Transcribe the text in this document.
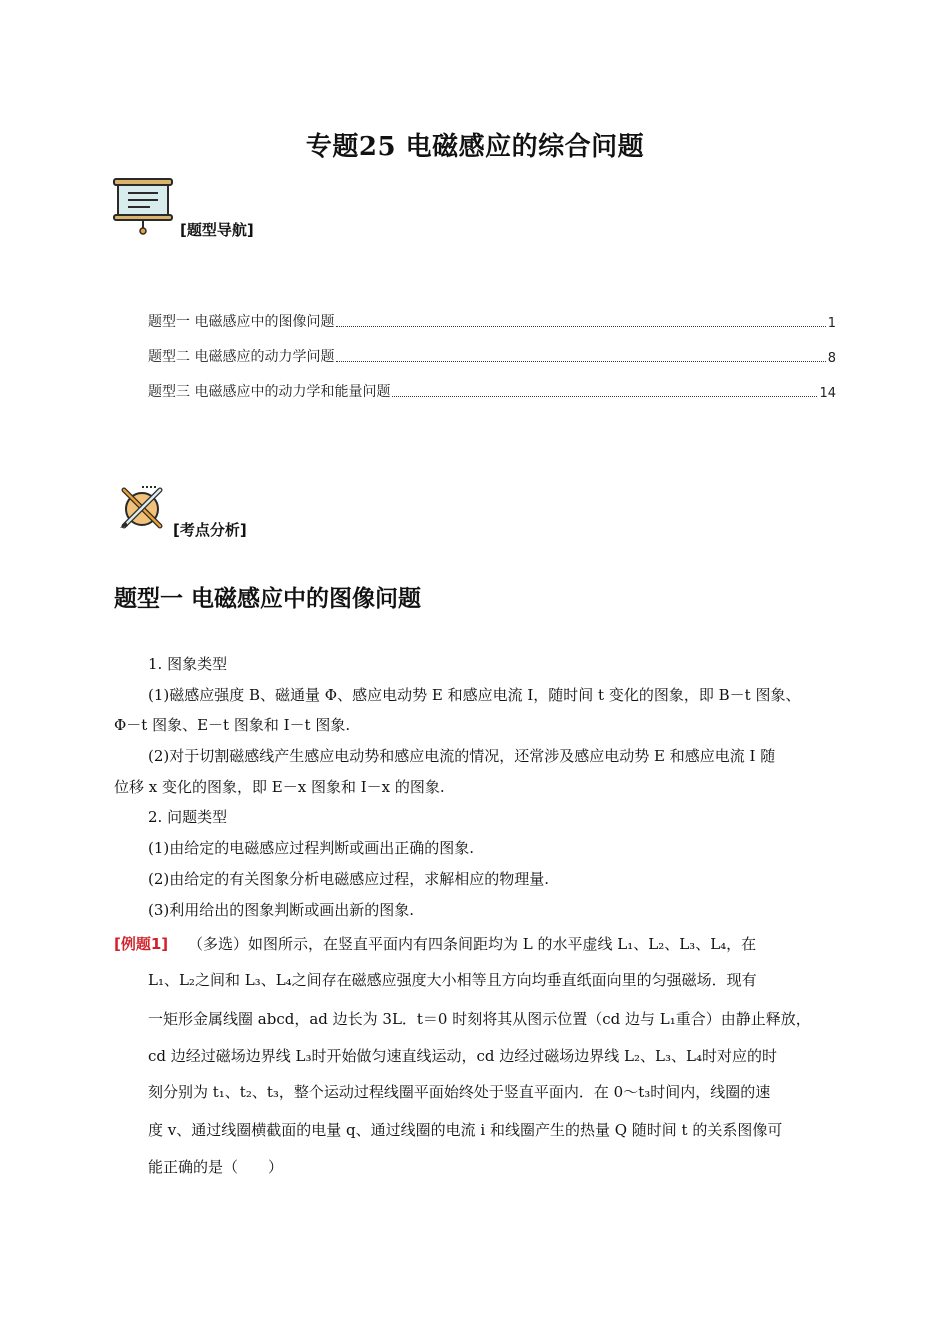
专题25 电磁感应的综合问题
[题型导航]
题型一 电磁感应中的图像问题	1
题型二 电磁感应的动力学问题	8
题型三 电磁感应中的动力学和能量问题	14
[考点分析]
题型一 电磁感应中的图像问题
1. 图象类型
(1)磁感应强度 B、磁通量 Φ、感应电动势 E 和感应电流 I，随时间 t 变化的图象，即 B－t 图象、
Φ－t 图象、E－t 图象和 I－t 图象.
(2)对于切割磁感线产生感应电动势和感应电流的情况，还常涉及感应电动势 E 和感应电流 I 随
位移 x 变化的图象，即 E－x 图象和 I－x 的图象.
2. 问题类型
(1)由给定的电磁感应过程判断或画出正确的图象.
(2)由给定的有关图象分析电磁感应过程，求解相应的物理量.
(3)利用给出的图象判断或画出新的图象.
[例题1] （多选）如图所示，在竖直平面内有四条间距均为 L 的水平虚线 L₁、L₂、L₃、L₄，在
L₁、L₂之间和 L₃、L₄之间存在磁感应强度大小相等且方向均垂直纸面向里的匀强磁场．现有
一矩形金属线圈 abcd，ad 边长为 3L．t＝0 时刻将其从图示位置（cd 边与 L₁重合）由静止释放，
cd 边经过磁场边界线 L₃时开始做匀速直线运动，cd 边经过磁场边界线 L₂、L₃、L₄时对应的时
刻分别为 t₁、t₂、t₃，整个运动过程线圈平面始终处于竖直平面内．在 0～t₃时间内，线圈的速
度 v、通过线圈横截面的电量 q、通过线圈的电流 i 和线圈产生的热量 Q 随时间 t 的关系图像可
能正确的是（　　）
